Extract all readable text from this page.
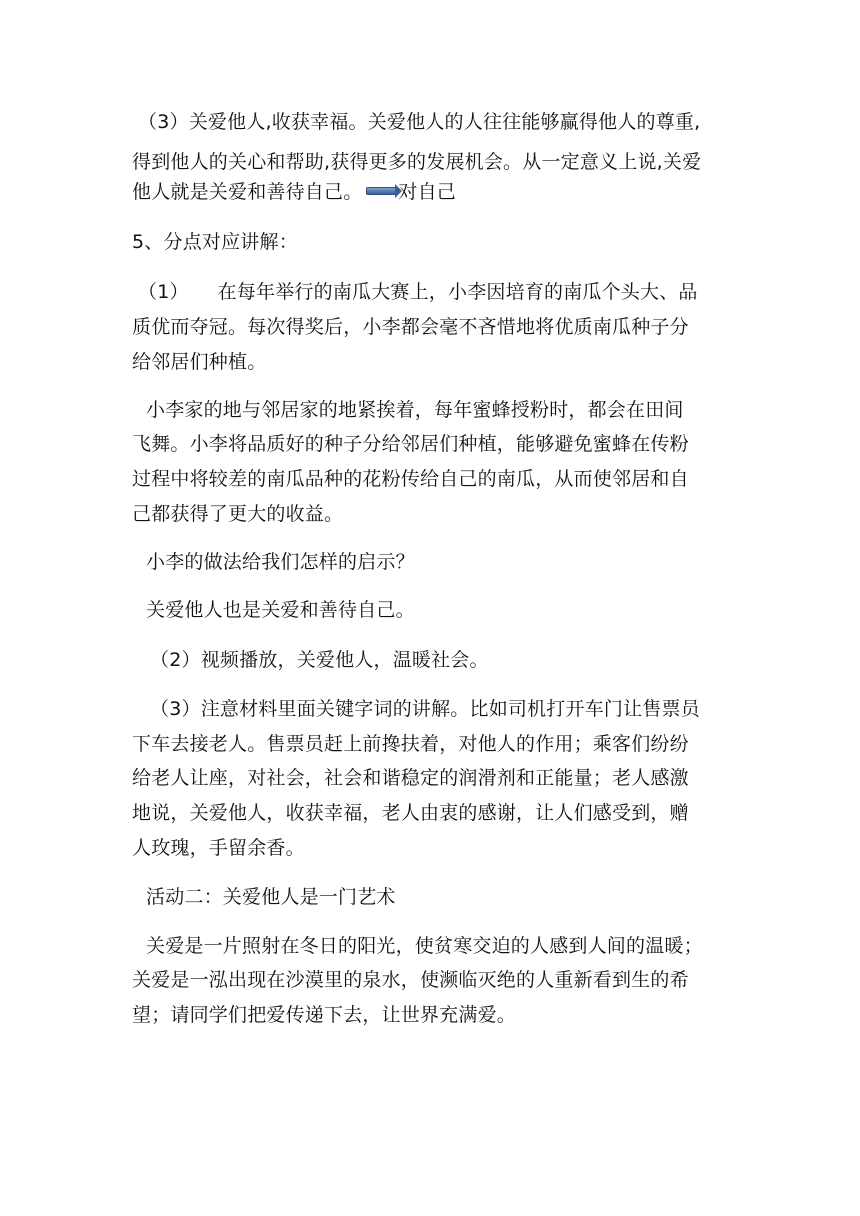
（3）关爱他人,收获幸福。关爱他人的人往往能够赢得他人的尊重,
得到他人的关心和帮助,获得更多的发展机会。从一定意义上说,关爱
他人就是关爱和善待自己。 对自己
5、分点对应讲解：
（1）　　在每年举行的南瓜大赛上，小李因培育的南瓜个头大、品
质优而夺冠。每次得奖后，小李都会毫不吝惜地将优质南瓜种子分
给邻居们种植。
小李家的地与邻居家的地紧挨着，每年蜜蜂授粉时，都会在田间
飞舞。小李将品质好的种子分给邻居们种植，能够避免蜜蜂在传粉
过程中将较差的南瓜品种的花粉传给自己的南瓜，从而使邻居和自
己都获得了更大的收益。
小李的做法给我们怎样的启示？
关爱他人也是关爱和善待自己。
（2）视频播放，关爱他人，温暖社会。
（3）注意材料里面关键字词的讲解。比如司机打开车门让售票员
下车去接老人。售票员赶上前搀扶着，对他人的作用；乘客们纷纷
给老人让座，对社会，社会和谐稳定的润滑剂和正能量；老人感激
地说，关爱他人，收获幸福，老人由衷的感谢，让人们感受到，赠
人玫瑰，手留余香。
活动二：关爱他人是一门艺术
关爱是一片照射在冬日的阳光，使贫寒交迫的人感到人间的温暖；
关爱是一泓出现在沙漠里的泉水，使濒临灭绝的人重新看到生的希
望；请同学们把爱传递下去，让世界充满爱。
